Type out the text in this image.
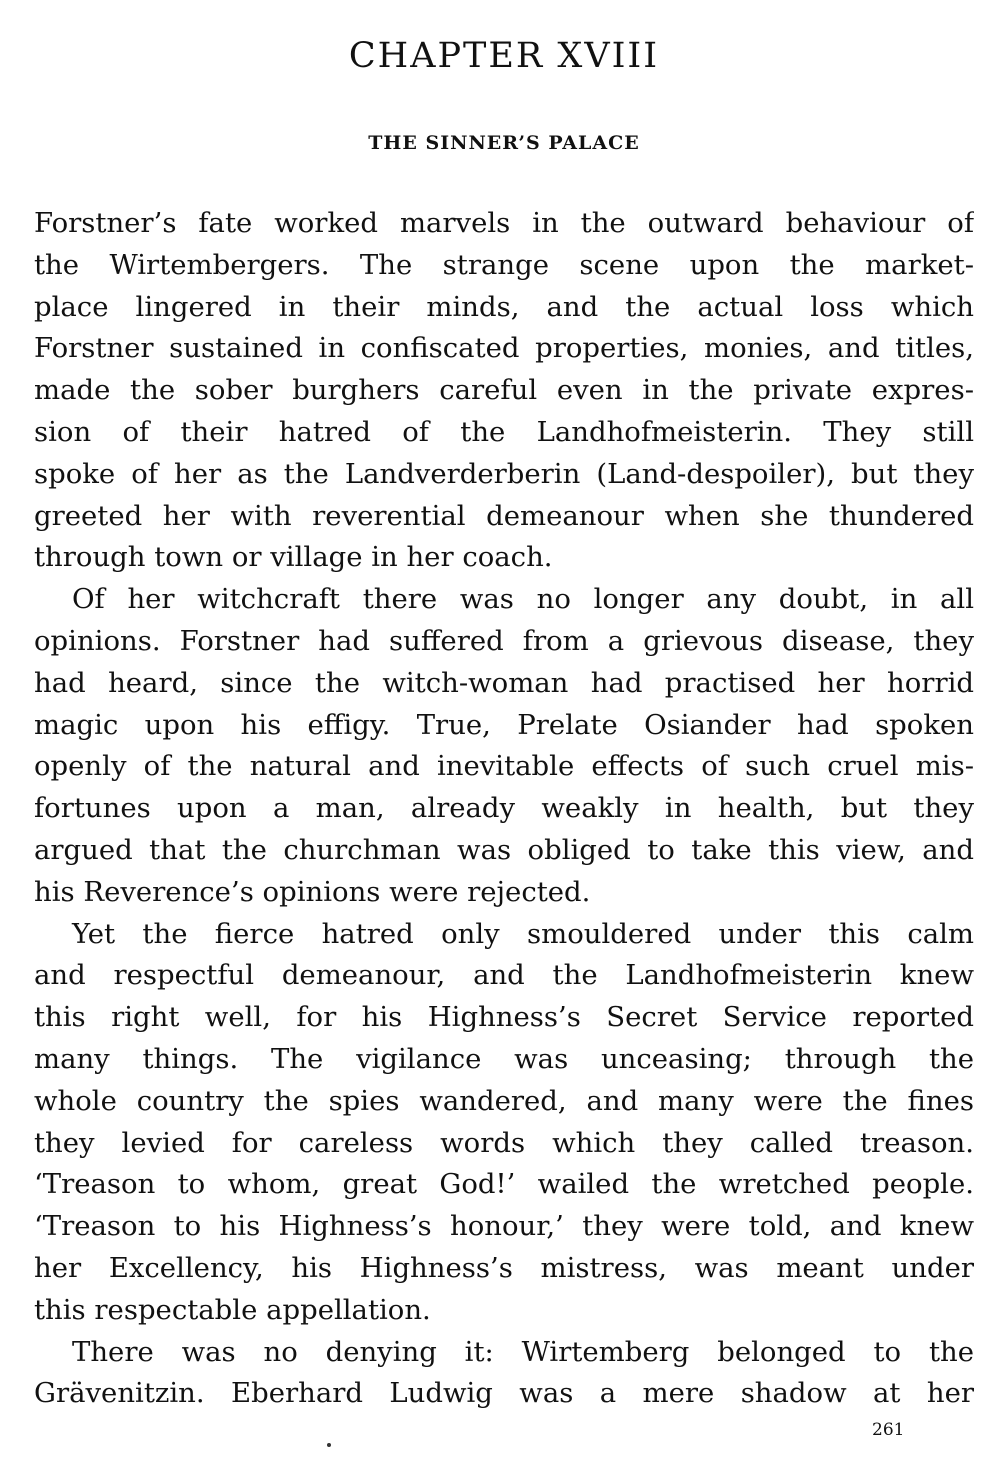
CHAPTER XVIII
THE SINNER’S PALACE
Forstner’s fate worked marvels in the outward behaviour of
the Wirtembergers. The strange scene upon the market-
place lingered in their minds, and the actual loss which
Forstner sustained in confiscated properties, monies, and titles,
made the sober burghers careful even in the private expres-
sion of their hatred of the Landhofmeisterin. They still
spoke of her as the Landverderberin (Land-despoiler), but they
greeted her with reverential demeanour when she thundered
through town or village in her coach.
Of her witchcraft there was no longer any doubt, in all
opinions. Forstner had suffered from a grievous disease, they
had heard, since the witch-woman had practised her horrid
magic upon his effigy. True, Prelate Osiander had spoken
openly of the natural and inevitable effects of such cruel mis-
fortunes upon a man, already weakly in health, but they
argued that the churchman was obliged to take this view, and
his Reverence’s opinions were rejected.
Yet the fierce hatred only smouldered under this calm
and respectful demeanour, and the Landhofmeisterin knew
this right well, for his Highness’s Secret Service reported
many things. The vigilance was unceasing; through the
whole country the spies wandered, and many were the fines
they levied for careless words which they called treason.
‘Treason to whom, great God!’ wailed the wretched people.
‘Treason to his Highness’s honour,’ they were told, and knew
her Excellency, his Highness’s mistress, was meant under
this respectable appellation.
There was no denying it: Wirtemberg belonged to the
Grävenitzin. Eberhard Ludwig was a mere shadow at her
261
